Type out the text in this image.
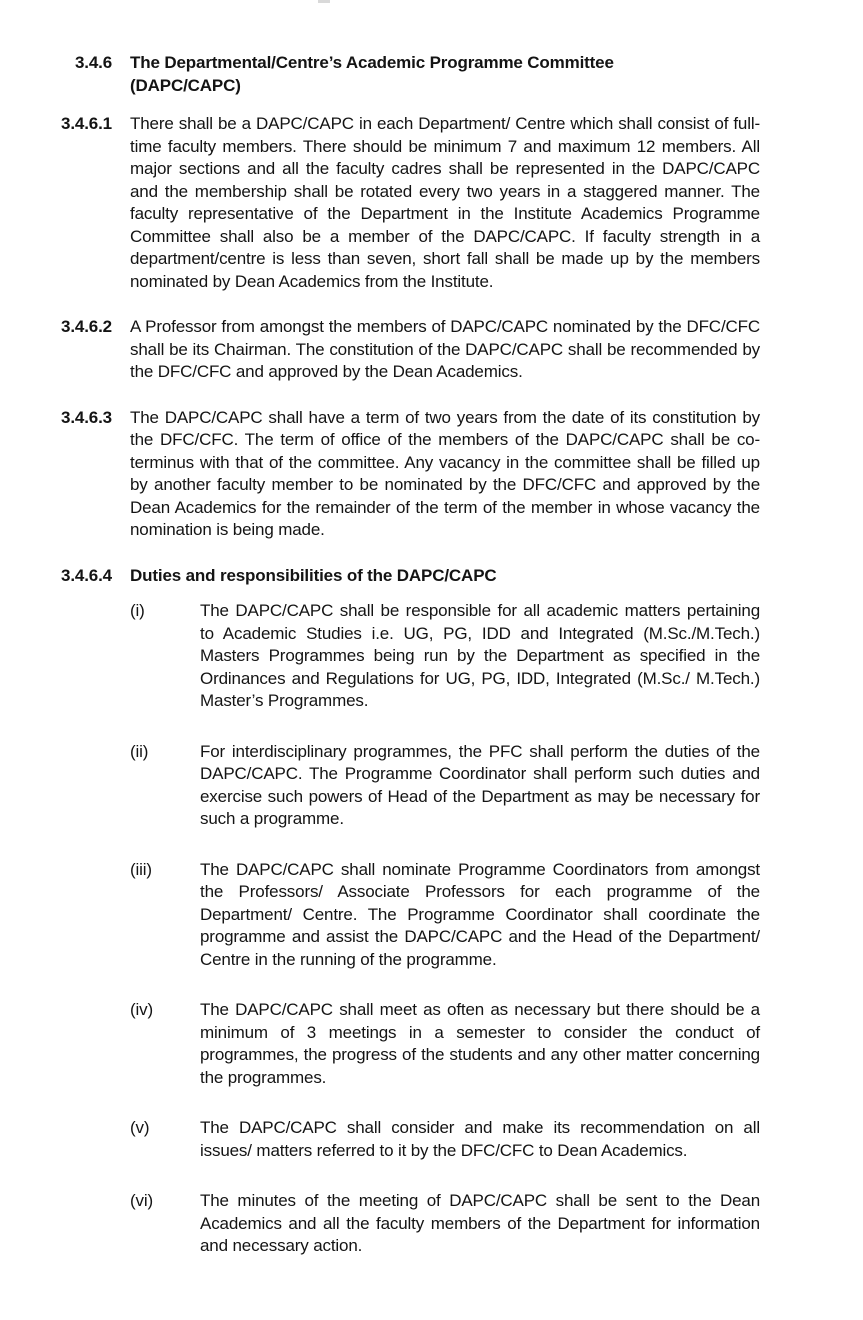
3.4.6 The Departmental/Centre’s Academic Programme Committee (DAPC/CAPC)
3.4.6.1 There shall be a DAPC/CAPC in each Department/ Centre which shall consist of full-time faculty members. There should be minimum 7 and maximum 12 members. All major sections and all the faculty cadres shall be represented in the DAPC/CAPC and the membership shall be rotated every two years in a staggered manner. The faculty representative of the Department in the Institute Academics Programme Committee shall also be a member of the DAPC/CAPC. If faculty strength in a department/centre is less than seven, short fall shall be made up by the members nominated by Dean Academics from the Institute.
3.4.6.2 A Professor from amongst the members of DAPC/CAPC nominated by the DFC/CFC shall be its Chairman. The constitution of the DAPC/CAPC shall be recommended by the DFC/CFC and approved by the Dean Academics.
3.4.6.3 The DAPC/CAPC shall have a term of two years from the date of its constitution by the DFC/CFC. The term of office of the members of the DAPC/CAPC shall be co-terminus with that of the committee. Any vacancy in the committee shall be filled up by another faculty member to be nominated by the DFC/CFC and approved by the Dean Academics for the remainder of the term of the member in whose vacancy the nomination is being made.
3.4.6.4 Duties and responsibilities of the DAPC/CAPC
(i)	The DAPC/CAPC shall be responsible for all academic matters pertaining to Academic Studies i.e. UG, PG, IDD and Integrated (M.Sc./M.Tech.) Masters Programmes being run by the Department as specified in the Ordinances and Regulations for UG, PG, IDD, Integrated (M.Sc./ M.Tech.) Master’s Programmes.
(ii)	For interdisciplinary programmes, the PFC shall perform the duties of the DAPC/CAPC. The Programme Coordinator shall perform such duties and exercise such powers of Head of the Department as may be necessary for such a programme.
(iii)	The DAPC/CAPC shall nominate Programme Coordinators from amongst the Professors/ Associate Professors for each programme of the Department/ Centre. The Programme Coordinator shall coordinate the programme and assist the DAPC/CAPC and the Head of the Department/ Centre in the running of the programme.
(iv)	The DAPC/CAPC shall meet as often as necessary but there should be a minimum of 3 meetings in a semester to consider the conduct of programmes, the progress of the students and any other matter concerning the programmes.
(v)	The DAPC/CAPC shall consider and make its recommendation on all issues/ matters referred to it by the DFC/CFC to Dean Academics.
(vi)	The minutes of the meeting of DAPC/CAPC shall be sent to the Dean Academics and all the faculty members of the Department for information and necessary action.
